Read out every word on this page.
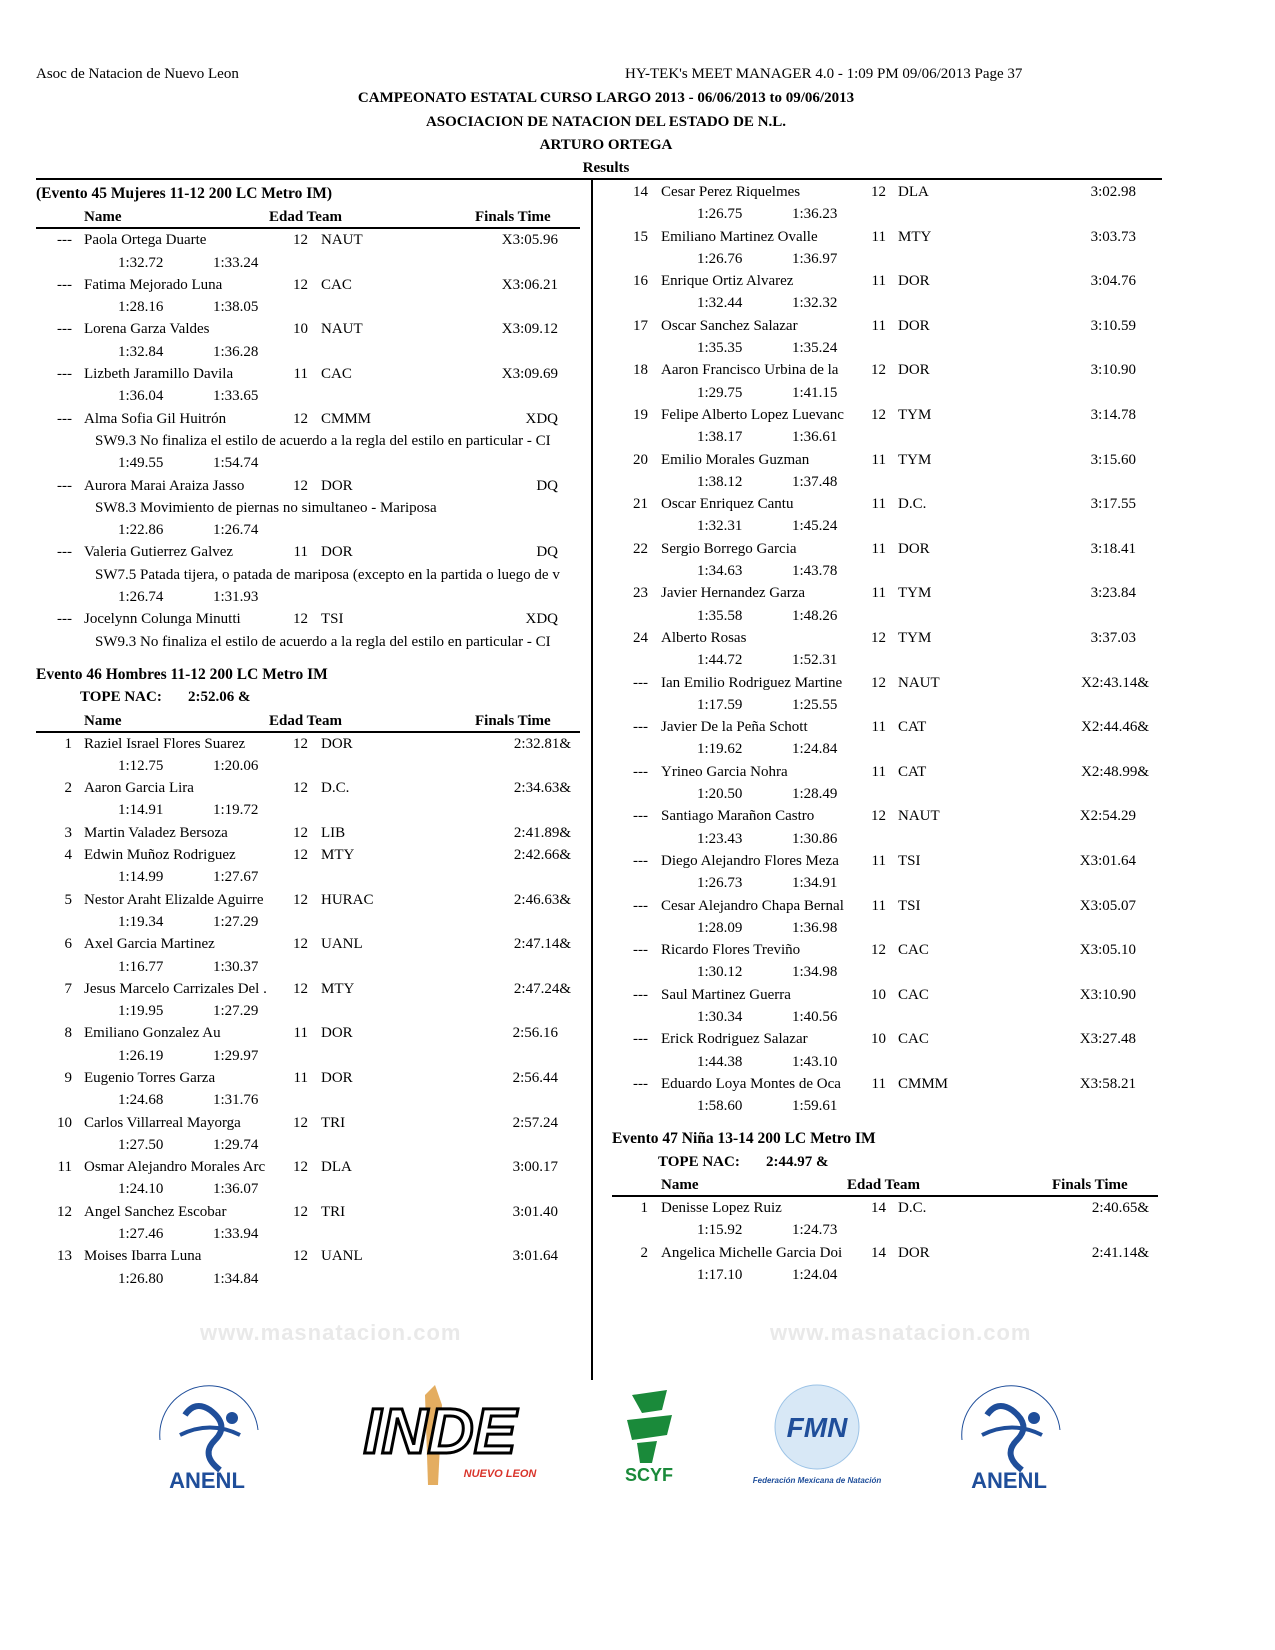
Asoc de Natacion de Nuevo Leon	HY-TEK's MEET MANAGER 4.0 - 1:09 PM 09/06/2013 Page 37
CAMPEONATO ESTATAL CURSO LARGO 2013 - 06/06/2013 to 09/06/2013
ASOCIACION DE NATACION DEL ESTADO DE N.L.
ARTURO ORTEGA
Results
www.masnatacion.com	www.masnatacion.com
(Evento 45 Mujeres 11-12 200 LC Metro IM)
Name	Edad Team	Finals Time
--- Paola Ortega Duarte	12 NAUT	X3:05.96
1:32.72	1:33.24
--- Fatima Mejorado Luna	12 CAC	X3:06.21
1:28.16	1:38.05
--- Lorena Garza Valdes	10 NAUT	X3:09.12
1:32.84	1:36.28
--- Lizbeth Jaramillo Davila	11 CAC	X3:09.69
1:36.04	1:33.65
--- Alma Sofia Gil Huitrón	12 CMMM	XDQ
SW9.3 No finaliza el estilo de acuerdo a la regla del estilo en particular - CI
1:49.55	1:54.74
--- Aurora Marai Araiza Jasso	12 DOR	DQ
SW8.3 Movimiento de piernas no simultaneo - Mariposa
1:22.86	1:26.74
--- Valeria Gutierrez Galvez	11 DOR	DQ
SW7.5 Patada tijera, o patada de mariposa (excepto en la partida o luego de v
1:26.74	1:31.93
--- Jocelynn Colunga Minutti	12 TSI	XDQ
SW9.3 No finaliza el estilo de acuerdo a la regla del estilo en particular - CI
Evento 46 Hombres 11-12 200 LC Metro IM
TOPE NAC: 2:52.06 &
Name	Edad Team	Finals Time
1 Raziel Israel Flores Suarez	12 DOR	2:32.81&
1:12.75	1:20.06
2 Aaron Garcia Lira	12 D.C.	2:34.63&
1:14.91	1:19.72
3 Martin Valadez Bersoza	12 LIB	2:41.89&
4 Edwin Muñoz Rodriguez	12 MTY	2:42.66&
1:14.99	1:27.67
5 Nestor Araht Elizalde Aguirre	12 HURAC	2:46.63&
1:19.34	1:27.29
6 Axel Garcia Martinez	12 UANL	2:47.14&
1:16.77	1:30.37
7 Jesus Marcelo Carrizales Del .	12 MTY	2:47.24&
1:19.95	1:27.29
8 Emiliano Gonzalez Au	11 DOR	2:56.16
1:26.19	1:29.97
9 Eugenio Torres Garza	11 DOR	2:56.44
1:24.68	1:31.76
10 Carlos Villarreal Mayorga	12 TRI	2:57.24
1:27.50	1:29.74
11 Osmar Alejandro Morales Arc	12 DLA	3:00.17
1:24.10	1:36.07
12 Angel Sanchez Escobar	12 TRI	3:01.40
1:27.46	1:33.94
13 Moises Ibarra Luna	12 UANL	3:01.64
1:26.80	1:34.84
14 Cesar Perez Riquelmes	12 DLA	3:02.98
1:26.75	1:36.23
15 Emiliano Martinez Ovalle	11 MTY	3:03.73
1:26.76	1:36.97
16 Enrique Ortiz Alvarez	11 DOR	3:04.76
1:32.44	1:32.32
17 Oscar Sanchez Salazar	11 DOR	3:10.59
1:35.35	1:35.24
18 Aaron Francisco Urbina de la	12 DOR	3:10.90
1:29.75	1:41.15
19 Felipe Alberto Lopez Luevanc	12 TYM	3:14.78
1:38.17	1:36.61
20 Emilio Morales Guzman	11 TYM	3:15.60
1:38.12	1:37.48
21 Oscar Enriquez Cantu	11 D.C.	3:17.55
1:32.31	1:45.24
22 Sergio Borrego Garcia	11 DOR	3:18.41
1:34.63	1:43.78
23 Javier Hernandez Garza	11 TYM	3:23.84
1:35.58	1:48.26
24 Alberto Rosas	12 TYM	3:37.03
1:44.72	1:52.31
--- Ian Emilio Rodriguez Martine	12 NAUT	X2:43.14&
1:17.59	1:25.55
--- Javier De la Peña Schott	11 CAT	X2:44.46&
1:19.62	1:24.84
--- Yrineo Garcia Nohra	11 CAT	X2:48.99&
1:20.50	1:28.49
--- Santiago Marañon Castro	12 NAUT	X2:54.29
1:23.43	1:30.86
--- Diego Alejandro Flores Meza	11 TSI	X3:01.64
1:26.73	1:34.91
--- Cesar Alejandro Chapa Bernal	11 TSI	X3:05.07
1:28.09	1:36.98
--- Ricardo Flores Treviño	12 CAC	X3:05.10
1:30.12	1:34.98
--- Saul Martinez Guerra	10 CAC	X3:10.90
1:30.34	1:40.56
--- Erick Rodriguez Salazar	10 CAC	X3:27.48
1:44.38	1:43.10
--- Eduardo Loya Montes de Oca	11 CMMM	X3:58.21
1:58.60	1:59.61
Evento 47 Niña 13-14 200 LC Metro IM
TOPE NAC: 2:44.97 &
Name	Edad Team	Finals Time
1 Denisse Lopez Ruiz	14 D.C.	2:40.65&
1:15.92	1:24.73
2 Angelica Michelle Garcia Doi	14 DOR	2:41.14&
1:17.10	1:24.04
ANENL
INDE
NUEVO LEON	SCYF
FMN
Federación Mexicana de Natación	ANENL
